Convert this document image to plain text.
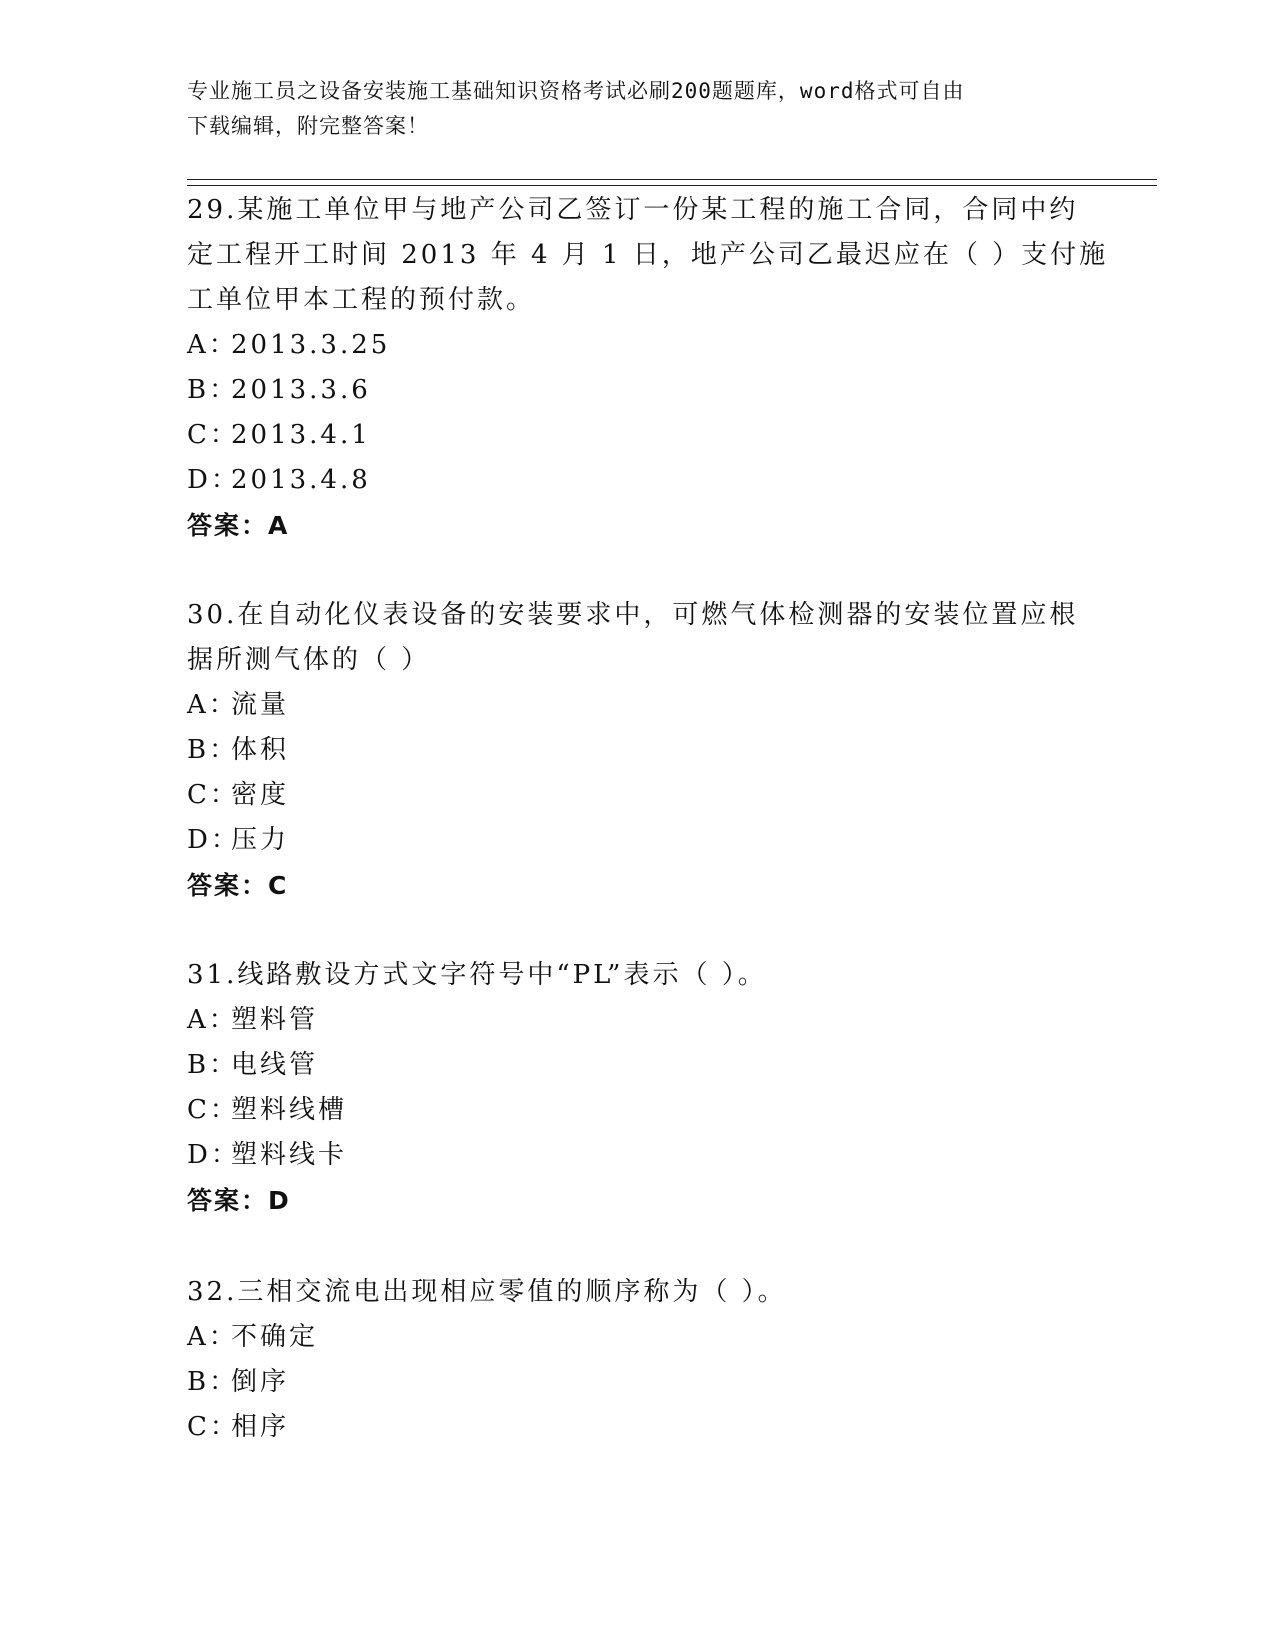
专业施工员之设备安装施工基础知识资格考试必刷200题题库，word格式可自由
下载编辑，附完整答案！
29.某施工单位甲与地产公司乙签订一份某工程的施工合同，合同中约
定工程开工时间 2013 年 4 月 1 日，地产公司乙最迟应在（ ）支付施
工单位甲本工程的预付款。
A：2013.3.25
B：2013.3.6
C：2013.4.1
D：2013.4.8
答案：A
30.在自动化仪表设备的安装要求中，可燃气体检测器的安装位置应根
据所测气体的（ ）
A：流量
B：体积
C：密度
D：压力
答案：C
31.线路敷设方式文字符号中“PL”表示（ ）。
A：塑料管
B：电线管
C：塑料线槽
D：塑料线卡
答案：D
32.三相交流电出现相应零值的顺序称为（ ）。
A：不确定
B：倒序
C：相序
